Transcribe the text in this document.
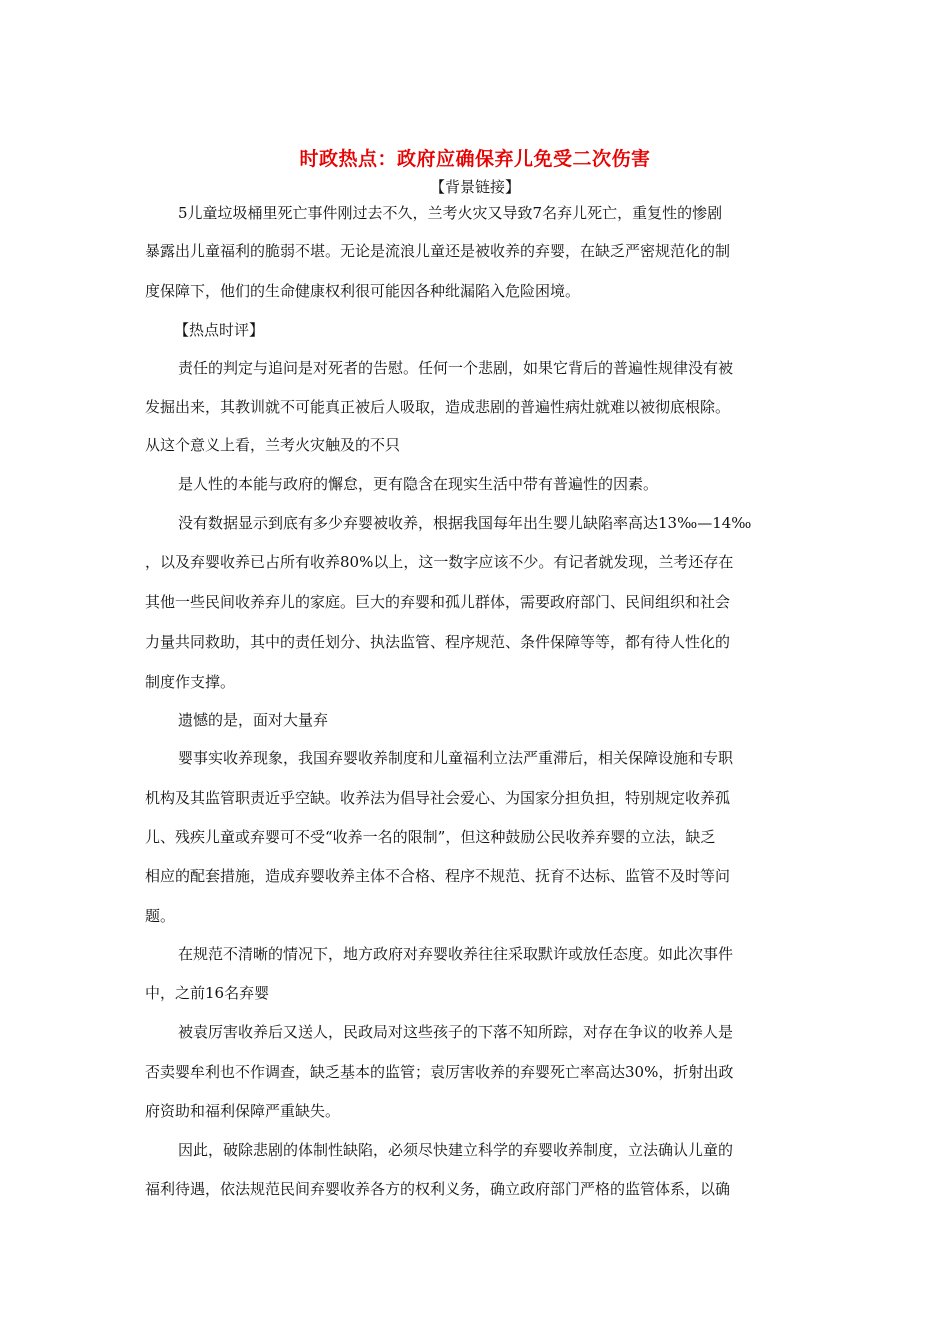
时政热点：政府应确保弃儿免受二次伤害
【背景链接】
5儿童垃圾桶里死亡事件刚过去不久，兰考火灾又导致7名弃儿死亡，重复性的惨剧
暴露出儿童福利的脆弱不堪。无论是流浪儿童还是被收养的弃婴，在缺乏严密规范化的制
度保障下，他们的生命健康权利很可能因各种纰漏陷入危险困境。
【热点时评】
责任的判定与追问是对死者的告慰。任何一个悲剧，如果它背后的普遍性规律没有被
发掘出来，其教训就不可能真正被后人吸取，造成悲剧的普遍性病灶就难以被彻底根除。
从这个意义上看，兰考火灾触及的不只
是人性的本能与政府的懈怠，更有隐含在现实生活中带有普遍性的因素。
没有数据显示到底有多少弃婴被收养，根据我国每年出生婴儿缺陷率高达13‰—14‰
，以及弃婴收养已占所有收养80%以上，这一数字应该不少。有记者就发现，兰考还存在
其他一些民间收养弃儿的家庭。巨大的弃婴和孤儿群体，需要政府部门、民间组织和社会
力量共同救助，其中的责任划分、执法监管、程序规范、条件保障等等，都有待人性化的
制度作支撑。
遗憾的是，面对大量弃
婴事实收养现象，我国弃婴收养制度和儿童福利立法严重滞后，相关保障设施和专职
机构及其监管职责近乎空缺。收养法为倡导社会爱心、为国家分担负担，特别规定收养孤
儿、残疾儿童或弃婴可不受“收养一名的限制”，但这种鼓励公民收养弃婴的立法，缺乏
相应的配套措施，造成弃婴收养主体不合格、程序不规范、抚育不达标、监管不及时等问
题。
在规范不清晰的情况下，地方政府对弃婴收养往往采取默许或放任态度。如此次事件
中，之前16名弃婴
被袁厉害收养后又送人，民政局对这些孩子的下落不知所踪，对存在争议的收养人是
否卖婴牟利也不作调查，缺乏基本的监管；袁厉害收养的弃婴死亡率高达30%，折射出政
府资助和福利保障严重缺失。
因此，破除悲剧的体制性缺陷，必须尽快建立科学的弃婴收养制度，立法确认儿童的
福利待遇，依法规范民间弃婴收养各方的权利义务，确立政府部门严格的监管体系，以确
